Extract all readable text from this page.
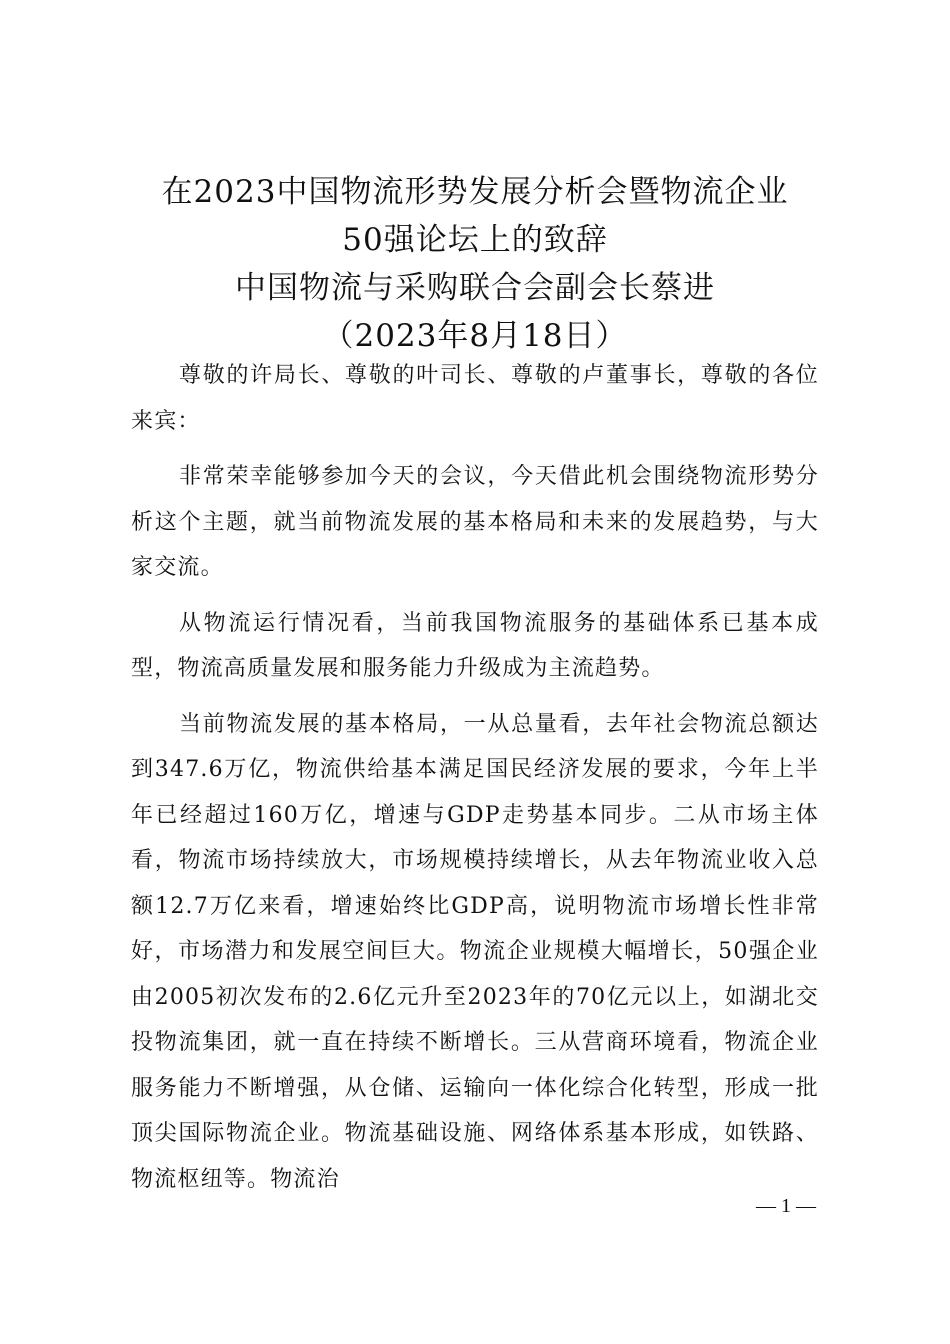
在2023中国物流形势发展分析会暨物流企业
50强论坛上的致辞
中国物流与采购联合会副会长蔡进
（2023年8月18日）

尊敬的许局长、尊敬的叶司长、尊敬的卢董事长，尊敬的各位来宾：

非常荣幸能够参加今天的会议，今天借此机会围绕物流形势分析这个主题，就当前物流发展的基本格局和未来的发展趋势，与大家交流。

从物流运行情况看，当前我国物流服务的基础体系已基本成型，物流高质量发展和服务能力升级成为主流趋势。

当前物流发展的基本格局，一从总量看，去年社会物流总额达到347.6万亿，物流供给基本满足国民经济发展的要求，今年上半年已经超过160万亿，增速与GDP走势基本同步。二从市场主体看，物流市场持续放大，市场规模持续增长，从去年物流业收入总额12.7万亿来看，增速始终比GDP高，说明物流市场增长性非常好，市场潜力和发展空间巨大。物流企业规模大幅增长，50强企业由2005初次发布的2.6亿元升至2023年的70亿元以上，如湖北交投物流集团，就一直在持续不断增长。三从营商环境看，物流企业服务能力不断增强，从仓储、运输向一体化综合化转型，形成一批顶尖国际物流企业。物流基础设施、网络体系基本形成，如铁路、物流枢纽等。物流治

— 1 —
